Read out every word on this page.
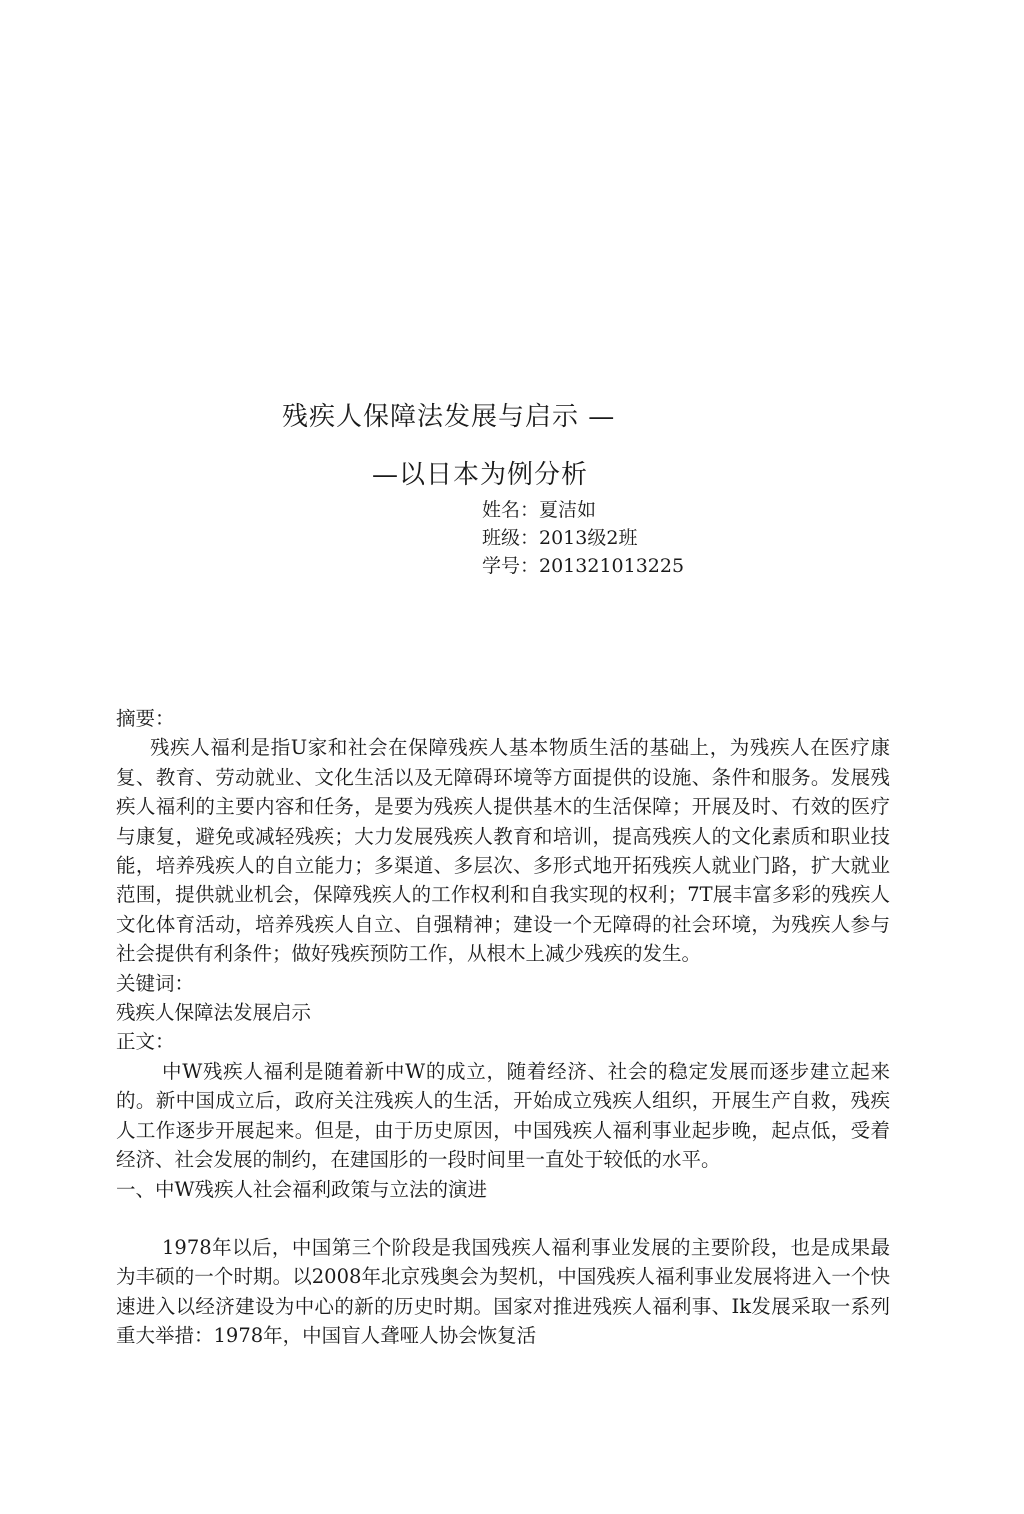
残疾人保障法发展与启示 —
—以日本为例分析
姓名：夏洁如
班级：2013级2班
学号：201321013225

摘要：

残疾人福利是指U家和社会在保障残疾人基本物质生活的基础上，为残疾人在医疗康复、教育、劳动就业、文化生活以及无障碍环境等方面提供的设施、条件和服务。发展残疾人福利的主要内容和任务，是要为残疾人提供基木的生活保障；开展及时、冇效的医疗与康复，避免或减轻残疾；大力发展残疾人教育和培训，提高残疾人的文化素质和职业技能，培养残疾人的自立能力；多渠道、多层次、多形式地开拓残疾人就业门路，扩大就业范围，提供就业机会，保障残疾人的工作权利和自我实现的权利；7T展丰富多彩的残疾人文化体育活动，培养残疾人自立、自强精神；建设一个无障碍的社会环境，为残疾人参与社会提供有利条件；做好残疾预防工作，从根木上减少残疾的发生。

关键词：

残疾人保障法发展启示

正文：

中W残疾人福利是随着新中W的成立，随着经济、社会的稳定发展而逐步建立起来的。新中国成立后，政府关注残疾人的生活，开始成立残疾人组织，开展生产自救，残疾人工作逐步开展起来。但是，由于历史原因，中国残疾人福利事业起步晚，起点低，受着经济、社会发展的制约，在建国肜的一段时间里一直处于较低的水平。

一、中W残疾人社会福利政策与立法的演进

1978年以后，中国第三个阶段是我国残疾人福利事业发展的主要阶段，也是成果最为丰硕的一个时期。以2008年北京残奥会为契机，中国残疾人福利事业发展将进入一个快速进入以经济建设为中心的新的历史时期。国家对推进残疾人福利事、Ik发展采取一系列重大举措：1978年，中国盲人聋哑人协会恢复活
